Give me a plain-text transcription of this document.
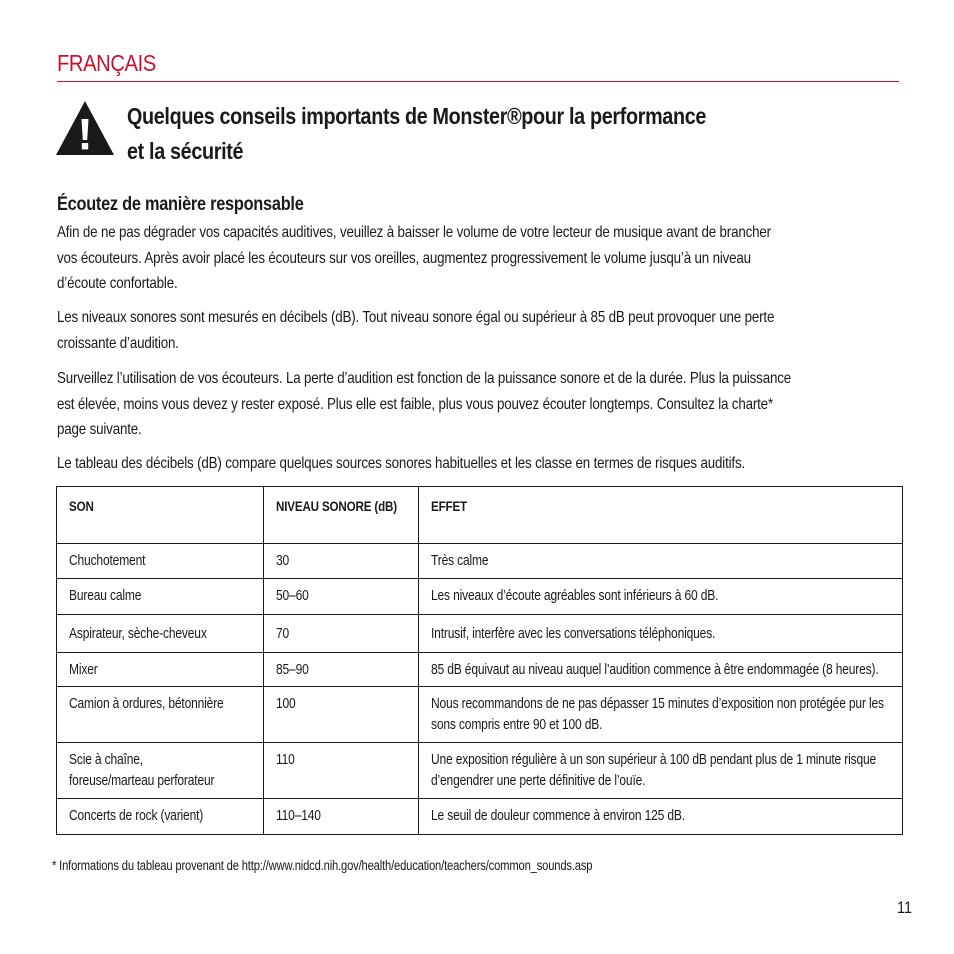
FRANÇAIS
Quelques conseils importants de Monster®pour la performance
et la sécurité
Écoutez de manière responsable
Afin de ne pas dégrader vos capacités auditives, veuillez à baisser le volume de votre lecteur de musique avant de brancher
vos écouteurs. Après avoir placé les écouteurs sur vos oreilles, augmentez progressivement le volume jusqu’à un niveau
d’écoute confortable.
Les niveaux sonores sont mesurés en décibels (dB). Tout niveau sonore égal ou supérieur à 85 dB peut provoquer une perte
croissante d’audition.
Surveillez l’utilisation de vos écouteurs. La perte d’audition est fonction de la puissance sonore et de la durée. Plus la puissance
est élevée, moins vous devez y rester exposé. Plus elle est faible, plus vous pouvez écouter longtemps. Consultez la charte*
page suivante.
Le tableau des décibels (dB) compare quelques sources sonores habituelles et les classe en termes de risques auditifs.
SON	NIVEAU SONORE (dB)	EFFET

Chuchotement	30	Très calme

Bureau calme	50–60	Les niveaux d’écoute agréables sont inférieurs à 60 dB.

Aspirateur, sèche-cheveux	70	Intrusif, interfère avec les conversations téléphoniques.

Mixer	85–90	85 dB équivaut au niveau auquel l’audition commence à être endommagée (8 heures).

Camion à ordures, bétonnière	100	Nous recommandons de ne pas dépasser 15 minutes d’exposition non protégée pur les
sons compris entre 90 et 100 dB.

Scie à chaîne,
foreuse/marteau perforateur	110	Une exposition régulière à un son supérieur à 100 dB pendant plus de 1 minute risque
d’engendrer une perte définitive de l’ouïe.

Concerts de rock (varient)	110–140	Le seuil de douleur commence à environ 125 dB.
* Informations du tableau provenant de http://www.nidcd.nih.gov/health/education/teachers/common_sounds.asp
11
